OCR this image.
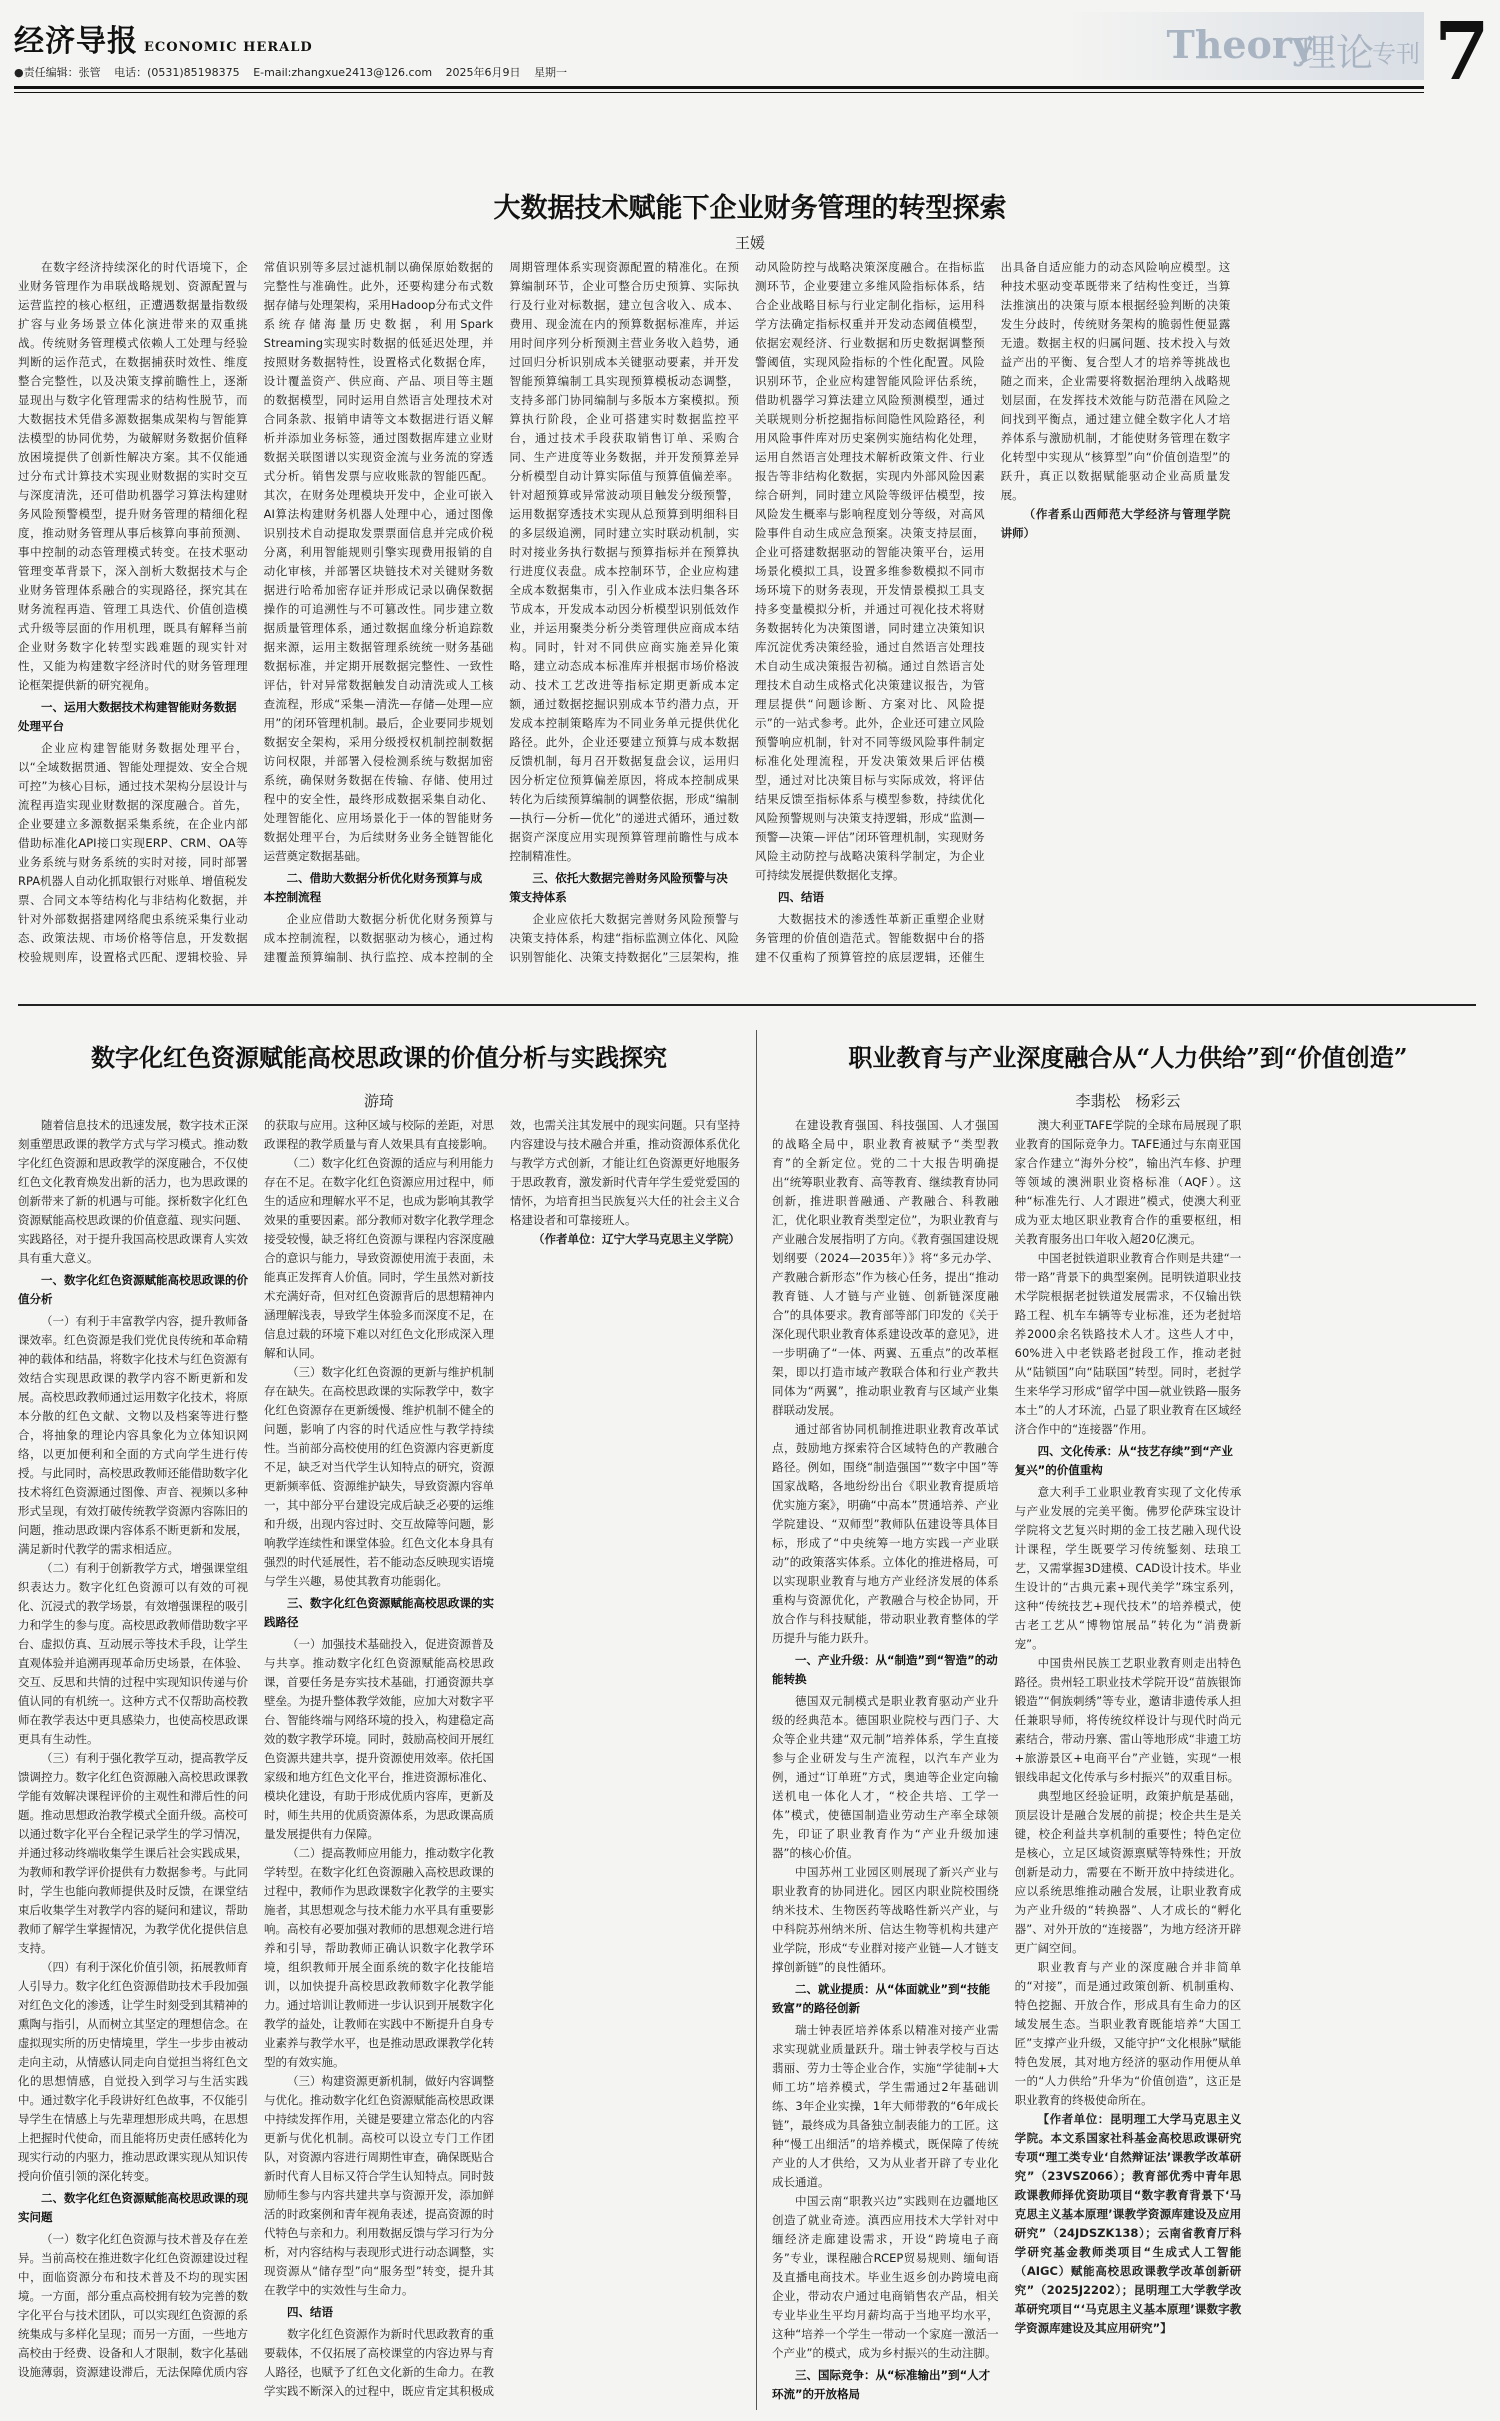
经济导报 ECONOMIC HERALD
●责任编辑：张管 电话：(0531)85198375 E-mail:zhangxue2413@126.com 2025年6月9日 星期一
Theory
理论
专刊 7
大数据技术赋能下企业财务管理的转型探索
王媛

在数字经济持续深化的时代语境下，企业财务管理作为串联战略规划、资源配置与运营监控的核心枢纽，正遭遇数据量指数级扩容与业务场景立体化演进带来的双重挑战。传统财务管理模式依赖人工处理与经验判断的运作范式，在数据捕获时效性、维度整合完整性，以及决策支撑前瞻性上，逐渐显现出与数字化管理需求的结构性脱节，而大数据技术凭借多源数据集成架构与智能算法模型的协同优势，为破解财务数据价值释放困境提供了创新性解决方案。其不仅能通过分布式计算技术实现业财数据的实时交互与深度清洗，还可借助机器学习算法构建财务风险预警模型，提升财务管理的精细化程度，推动财务管理从事后核算向事前预测、事中控制的动态管理模式转变。在技术驱动管理变革背景下，深入剖析大数据技术与企业财务管理体系融合的实现路径，探究其在财务流程再造、管理工具迭代、价值创造模式升级等层面的作用机理，既具有解释当前企业财务数字化转型实践难题的现实针对性，又能为构建数字经济时代的财务管理理论框架提供新的研究视角。

一、运用大数据技术构建智能财务数据处理平台

企业应构建智能财务数据处理平台，以“全域数据贯通、智能处理提效、安全合规可控”为核心目标，通过技术架构分层设计与流程再造实现业财数据的深度融合。首先，企业要建立多源数据采集系统，在企业内部借助标准化API接口实现ERP、CRM、OA等业务系统与财务系统的实时对接，同时部署RPA机器人自动化抓取银行对账单、增值税发票、合同文本等结构化与非结构化数据，并针对外部数据搭建网络爬虫系统采集行业动态、政策法规、市场价格等信息，开发数据校验规则库，设置格式匹配、逻辑校验、异常值识别等多层过滤机制以确保原始数据的完整性与准确性。此外，还要构建分布式数据存储与处理架构，采用Hadoop分布式文件系统存储海量历史数据，利用Spark Streaming实现实时数据的低延迟处理，并按照财务数据特性，设置格式化数据仓库，设计覆盖资产、供应商、产品、项目等主题的数据模型，同时运用自然语言处理技术对合同条款、报销申请等文本数据进行语义解析并添加业务标签，通过图数据库建立业财数据关联图谱以实现资金流与业务流的穿透式分析。销售发票与应收账款的智能匹配。其次，在财务处理模块开发中，企业可嵌入AI算法构建财务机器人处理中心，通过图像识别技术自动提取发票票面信息并完成价税分离，利用智能规则引擎实现费用报销的自动化审核，并部署区块链技术对关键财务数据进行哈希加密存证并形成记录以确保数据操作的可追溯性与不可篡改性。同步建立数据质量管理体系，通过数据血缘分析追踪数据来源，运用主数据管理系统统一财务基础数据标准，并定期开展数据完整性、一致性评估，针对异常数据触发自动清洗或人工核查流程，形成“采集—清洗—存储—处理—应用”的闭环管理机制。最后，企业要同步规划数据安全架构，采用分级授权机制控制数据访问权限，并部署入侵检测系统与数据加密系统，确保财务数据在传输、存储、使用过程中的安全性，最终形成数据采集自动化、处理智能化、应用场景化于一体的智能财务数据处理平台，为后续财务业务全链智能化运营奠定数据基础。

二、借助大数据分析优化财务预算与成本控制流程

企业应借助大数据分析优化财务预算与成本控制流程，以数据驱动为核心，通过构建覆盖预算编制、执行监控、成本控制的全周期管理体系实现资源配置的精准化。在预算编制环节，企业可整合历史预算、实际执行及行业对标数据，建立包含收入、成本、费用、现金流在内的预算数据标准库，并运用时间序列分析预测主营业务收入趋势，通过回归分析识别成本关键驱动要素，并开发智能预算编制工具实现预算模板动态调整，支持多部门协同编制与多版本方案模拟。预算执行阶段，企业可搭建实时数据监控平台，通过技术手段获取销售订单、采购合同、生产进度等业务数据，并开发预算差异分析模型自动计算实际值与预算值偏差率。针对超预算或异常波动项目触发分级预警，运用数据穿透技术实现从总预算到明细科目的多层级追溯，同时建立实时联动机制，实时对接业务执行数据与预算指标并在预算执行进度仪表盘。成本控制环节，企业应构建全成本数据集市，引入作业成本法归集各环节成本，开发成本动因分析模型识别低效作业，并运用聚类分析分类管理供应商成本结构。同时，针对不同供应商实施差异化策略，建立动态成本标准库并根据市场价格波动、技术工艺改进等指标定期更新成本定额，通过数据挖掘识别成本节约潜力点，开发成本控制策略库为不同业务单元提供优化路径。此外，企业还要建立预算与成本数据反馈机制，每月召开数据复盘会议，运用归因分析定位预算偏差原因，将成本控制成果转化为后续预算编制的调整依据，形成“编制—执行—分析—优化”的递进式循环，通过数据资产深度应用实现预算管理前瞻性与成本控制精准性。

三、依托大数据完善财务风险预警与决策支持体系

企业应依托大数据完善财务风险预警与决策支持体系，构建“指标监测立体化、风险识别智能化、决策支持数据化”三层架构，推动风险防控与战略决策深度融合。在指标监测环节，企业要建立多维风险指标体系，结合企业战略目标与行业定制化指标，运用科学方法确定指标权重并开发动态阈值模型，依据宏观经济、行业数据和历史数据调整预警阈值，实现风险指标的个性化配置。风险识别环节，企业应构建智能风险评估系统，借助机器学习算法建立风险预测模型，通过关联规则分析挖掘指标间隐性风险路径，利用风险事件库对历史案例实施结构化处理，运用自然语言处理技术解析政策文件、行业报告等非结构化数据，实现内外部风险因素综合研判，同时建立风险等级评估模型，按风险发生概率与影响程度划分等级，对高风险事件自动生成应急预案。决策支持层面，企业可搭建数据驱动的智能决策平台，运用场景化模拟工具，设置多维参数模拟不同市场环境下的财务表现，开发情景模拟工具支持多变量模拟分析，并通过可视化技术将财务数据转化为决策图谱，同时建立决策知识库沉淀优秀决策经验，通过自然语言处理技术自动生成决策报告初稿。通过自然语言处理技术自动生成格式化决策建议报告，为管理层提供“问题诊断、方案对比、风险提示”的一站式参考。此外，企业还可建立风险预警响应机制，针对不同等级风险事件制定标准化处理流程，开发决策效果后评估模型，通过对比决策目标与实际成效，将评估结果反馈至指标体系与模型参数，持续优化风险预警规则与决策支持逻辑，形成“监测—预警—决策—评估”闭环管理机制，实现财务风险主动防控与战略决策科学制定，为企业可持续发展提供数据化支撑。

四、结语

大数据技术的渗透性革新正重塑企业财务管理的价值创造范式。智能数据中台的搭建不仅重构了预算管控的底层逻辑，还催生出具备自适应能力的动态风险响应模型。这种技术驱动变革既带来了结构性变迁，当算法推演出的决策与原本根据经验判断的决策发生分歧时，传统财务架构的脆弱性便显露无遗。数据主权的归属问题、技术投入与效益产出的平衡、复合型人才的培养等挑战也随之而来，企业需要将数据治理纳入战略规划层面，在发挥技术效能与防范潜在风险之间找到平衡点，通过建立健全数字化人才培养体系与激励机制，才能使财务管理在数字化转型中实现从“核算型”向“价值创造型”的跃升，真正以数据赋能驱动企业高质量发展。

（作者系山西师范大学经济与管理学院讲师）

数字化红色资源赋能高校思政课的价值分析与实践探究
游琦

随着信息技术的迅速发展，数字技术正深刻重塑思政课的教学方式与学习模式。推动数字化红色资源和思政教学的深度融合，不仅使红色文化教育焕发出新的活力，也为思政课的创新带来了新的机遇与可能。探析数字化红色资源赋能高校思政课的价值意蕴、现实问题、实践路径，对于提升我国高校思政课育人实效具有重大意义。

一、数字化红色资源赋能高校思政课的价值分析

（一）有利于丰富教学内容，提升教师备课效率。红色资源是我们党优良传统和革命精神的载体和结晶，将数字化技术与红色资源有效结合实现思政课的教学内容不断更新和发展。高校思政教师通过运用数字化技术，将原本分散的红色文献、文物以及档案等进行整合，将抽象的理论内容具象化为立体知识网络，以更加便利和全面的方式向学生进行传授。与此同时，高校思政教师还能借助数字化技术将红色资源通过图像、声音、视频以多种形式呈现，有效打破传统教学资源内容陈旧的问题，推动思政课内容体系不断更新和发展，满足新时代教学的需求相适应。

（二）有利于创新教学方式，增强课堂组织表达力。数字化红色资源可以有效的可视化、沉浸式的教学场景，有效增强课程的吸引力和学生的参与度。高校思政教师借助数字平台、虚拟仿真、互动展示等技术手段，让学生直观体验并追溯再现革命历史场景，在体验、交互、反思和共情的过程中实现知识传递与价值认同的有机统一。这种方式不仅帮助高校教师在教学表达中更具感染力，也使高校思政课更具有生动性。

（三）有利于强化教学互动，提高教学反馈调控力。数字化红色资源融入高校思政课教学能有效解决课程评价的主观性和滞后性的问题。推动思想政治教学模式全面升级。高校可以通过数字化平台全程记录学生的学习情况，并通过移动终端收集学生课后社会实践成果，为教师和教学评价提供有力数据参考。与此同时，学生也能向教师提供及时反馈，在课堂结束后收集学生对教学内容的疑问和建议，帮助教师了解学生掌握情况，为教学优化提供信息支持。

（四）有利于深化价值引领，拓展教师育人引导力。数字化红色资源借助技术手段加强对红色文化的渗透，让学生时刻受到其精神的熏陶与指引，从而树立其坚定的理想信念。在虚拟现实所的历史情境里，学生一步步由被动走向主动，从情感认同走向自觉担当将红色文化的思想情感，自觉投入到学习与生活实践中。通过数字化手段讲好红色故事，不仅能引导学生在情感上与先辈理想形成共鸣，在思想上把握时代使命，而且能将历史责任感转化为现实行动的内驱力，推动思政课实现从知识传授向价值引领的深化转变。

二、数字化红色资源赋能高校思政课的现实问题

（一）数字化红色资源与技术普及存在差异。当前高校在推进数字化红色资源建设过程中，面临资源分布和技术普及不均的现实困境。一方面，部分重点高校拥有较为完善的数字化平台与技术团队，可以实现红色资源的系统集成与多样化呈现；而另一方面，一些地方高校由于经费、设备和人才限制，数字化基础设施薄弱，资源建设滞后，无法保障优质内容的获取与应用。这种区域与校际的差距，对思政课程的教学质量与育人效果具有直接影响。

（二）数字化红色资源的适应与利用能力存在不足。在数字化红色资源应用过程中，师生的适应和理解水平不足，也成为影响其教学效果的重要因素。部分教师对数字化教学理念接受较慢，缺乏将红色资源与课程内容深度融合的意识与能力，导致资源使用流于表面，未能真正发挥育人价值。同时，学生虽然对新技术充满好奇，但对红色资源背后的思想精神内涵理解浅表，导致学生体验多而深度不足，在信息过载的环境下难以对红色文化形成深入理解和认同。

（三）数字化红色资源的更新与维护机制存在缺失。在高校思政课的实际教学中，数字化红色资源存在更新缓慢、维护机制不健全的问题，影响了内容的时代适应性与教学持续性。当前部分高校使用的红色资源内容更新度不足，缺乏对当代学生认知特点的研究，资源更新频率低、资源维护缺失，导致资源内容单一，其中部分平台建设完成后缺乏必要的运维和升级，出现内容过时、交互故障等问题，影响教学连续性和课堂体验。红色文化本身具有强烈的时代延展性，若不能动态反映现实语境与学生兴趣，易使其教育功能弱化。

三、数字化红色资源赋能高校思政课的实践路径

（一）加强技术基础投入，促进资源普及与共享。推动数字化红色资源赋能高校思政课，首要任务是夯实技术基础，打通资源共享壁垒。为提升整体教学效能，应加大对数字平台、智能终端与网络环境的投入，构建稳定高效的数字教学环境。同时，鼓励高校间开展红色资源共建共享，提升资源使用效率。依托国家级和地方红色文化平台，推进资源标准化、模块化建设，有助于形成优质内容库，更新及时，师生共用的优质资源体系，为思政课高质量发展提供有力保障。

（二）提高教师应用能力，推动数字化教学转型。在数字化红色资源融入高校思政课的过程中，教师作为思政课数字化教学的主要实施者，其思想观念与技术能力水平具有重要影响。高校有必要加强对教师的思想观念进行培养和引导，帮助教师正确认识数字化教学环境，组织教师开展全面系统的数字化技能培训，以加快提升高校思政教师数字化教学能力。通过培训让教师进一步认识到开展数字化教学的益处，让教师在实践中不断提升自身专业素养与教学水平，也是推动思政课教学化转型的有效实施。

（三）构建资源更新机制，做好内容调整与优化。推动数字化红色资源赋能高校思政课中持续发挥作用，关键是要建立常态化的内容更新与优化机制。高校可以设立专门工作团队，对资源内容进行周期性审查，确保既贴合新时代育人目标又符合学生认知特点。同时鼓励师生参与内容共建共享与资源开发，添加鲜活的时政案例和青年视角表述，提高资源的时代特色与亲和力。利用数据反馈与学习行为分析，对内容结构与表现形式进行动态调整，实现资源从“储存型”向“服务型”转变，提升其在教学中的实效性与生命力。

四、结语

数字化红色资源作为新时代思政教育的重要载体，不仅拓展了高校课堂的内容边界与育人路径，也赋予了红色文化新的生命力。在教学实践不断深入的过程中，既应肯定其积极成效，也需关注其发展中的现实问题。只有坚持内容建设与技术融合并重，推动资源体系优化与教学方式创新，才能让红色资源更好地服务于思政教育，激发新时代青年学生爱党爱国的情怀，为培育担当民族复兴大任的社会主义合格建设者和可靠接班人。

（作者单位：辽宁大学马克思主义学院）

职业教育与产业深度融合从“人力供给”到“价值创造”
李翡松　杨彩云

在建设教育强国、科技强国、人才强国的战略全局中，职业教育被赋予“类型教育”的全新定位。党的二十大报告明确提出“统筹职业教育、高等教育、继续教育协同创新，推进职普融通、产教融合、科教融汇，优化职业教育类型定位”，为职业教育与产业融合发展指明了方向。《教育强国建设规划纲要（2024—2035年）》将“多元办学、产教融合新形态”作为核心任务，提出“推动教育链、人才链与产业链、创新链深度融合”的具体要求。教育部等部门印发的《关于深化现代职业教育体系建设改革的意见》，进一步明确了“一体、两翼、五重点”的改革框架，即以打造市域产教联合体和行业产教共同体为“两翼”，推动职业教育与区域产业集群联动发展。

通过部省协同机制推进职业教育改革试点，鼓励地方探索符合区域特色的产教融合路径。例如，围绕“制造强国”“数字中国”等国家战略，各地纷纷出台《职业教育提质培优实施方案》，明确“中高本”贯通培养、产业学院建设、“双师型”教师队伍建设等具体目标，形成了“中央统筹一地方实践一产业联动”的政策落实体系。立体化的推进格局，可以实现职业教育与地方产业经济发展的体系重构与资源优化，产教融合与校企协同，开放合作与科技赋能，带动职业教育整体的学历提升与能力跃升。

一、产业升级：从“制造”到“智造”的动能转换

德国双元制模式是职业教育驱动产业升级的经典范本。德国职业院校与西门子、大众等企业共建“双元制”培养体系，学生直接参与企业研发与生产流程，以汽车产业为例，通过“订单班”方式，奥迪等企业定向输送机电一体化人才，“校企共培、工学一体”模式，使德国制造业劳动生产率全球领先，印证了职业教育作为“产业升级加速器”的核心价值。

中国苏州工业园区则展现了新兴产业与职业教育的协同进化。园区内职业院校围绕纳米技术、生物医药等战略性新兴产业，与中科院苏州纳米所、信达生物等机构共建产业学院，形成“专业群对接产业链—人才链支撑创新链”的良性循环。

二、就业提质：从“体面就业”到“技能致富”的路径创新

瑞士钟表匠培养体系以精准对接产业需求实现就业质量跃升。瑞士钟表学校与百达翡丽、劳力士等企业合作，实施“学徒制+大师工坊”培养模式，学生需通过2年基础训练、3年企业实操，1年大师带教的“6年成长链”，最终成为具备独立制表能力的工匠。这种“慢工出细活”的培养模式，既保障了传统产业的人才供给，又为从业者开辟了专业化成长通道。

中国云南“职教兴边”实践则在边疆地区创造了就业奇迹。滇西应用技术大学针对中缅经济走廊建设需求，开设“跨境电子商务”专业，课程融合RCEP贸易规则、缅甸语及直播电商技术。毕业生返乡创办跨境电商企业，带动农户通过电商销售农产品，相关专业毕业生平均月薪均高于当地平均水平，这种“培养一个学生一带动一个家庭一激活一个产业”的模式，成为乡村振兴的生动注脚。

三、国际竞争：从“标准输出”到“人才环流”的开放格局

澳大利亚TAFE学院的全球布局展现了职业教育的国际竞争力。TAFE通过与东南亚国家合作建立“海外分校”，输出汽车修、护理等领域的澳洲职业资格标准（AQF）。这种“标准先行、人才跟进”模式，使澳大利亚成为亚太地区职业教育合作的重要枢纽，相关教育服务出口年收入超20亿澳元。

中国老挝铁道职业教育合作则是共建“一带一路”背景下的典型案例。昆明铁道职业技术学院根据老挝铁道发展需求，不仅输出铁路工程、机车车辆等专业标准，还为老挝培养2000余名铁路技术人才。这些人才中，60%进入中老铁路老挝段工作，推动老挝从“陆锁国”向“陆联国”转型。同时，老挝学生来华学习形成“留学中国—就业铁路—服务本土”的人才环流，凸显了职业教育在区域经济合作中的“连接器”作用。

四、文化传承：从“技艺存续”到“产业复兴”的价值重构

意大利手工业职业教育实现了文化传承与产业发展的完美平衡。佛罗伦萨珠宝设计学院将文艺复兴时期的金工技艺融入现代设计课程，学生既要学习传统錾刻、珐琅工艺，又需掌握3D建模、CAD设计技术。毕业生设计的“古典元素+现代美学”珠宝系列，这种“传统技艺+现代技术”的培养模式，使古老工艺从“博物馆展品”转化为“消费新宠”。

中国贵州民族工艺职业教育则走出特色路径。贵州轻工职业技术学院开设“苗族银饰锻造”“侗族刺绣”等专业，邀请非遗传承人担任兼职导师，将传统纹样设计与现代时尚元素结合，带动丹寨、雷山等地形成“非遗工坊+旅游景区+电商平台”产业链，实现“一根银线串起文化传承与乡村振兴”的双重目标。

典型地区经验证明，政策护航是基础，顶层设计是融合发展的前提；校企共生是关键，校企利益共享机制的重要性；特色定位是核心，立足区域资源禀赋等特殊性；开放创新是动力，需要在不断开放中持续进化。应以系统思维推动融合发展，让职业教育成为产业升级的“转换器”、人才成长的“孵化器”、对外开放的“连接器”，为地方经济开辟更广阔空间。

职业教育与产业的深度融合并非简单的“对接”，而是通过政策创新、机制重构、特色挖掘、开放合作，形成具有生命力的区域发展生态。当职业教育既能培养“大国工匠”支撑产业升级，又能守护“文化根脉”赋能特色发展，其对地方经济的驱动作用便从单一的“人力供给”升华为“价值创造”，这正是职业教育的终极使命所在。

【作者单位：昆明理工大学马克思主义学院。本文系国家社科基金高校思政课研究专项“理工类专业‘自然辩证法’课教学改革研究”（23VSZ066）；教育部优秀中青年思政课教师择优资助项目“数字教育背景下‘马克思主义基本原理’课教学资源库建设及应用研究”（24JDSZK138）；云南省教育厅科学研究基金教师类项目“生成式人工智能（AIGC）赋能高校思政课教学改革创新研究”（2025J2202）；昆明理工大学教学改革研究项目“‘马克思主义基本原理’课数字教学资源库建设及其应用研究”】
